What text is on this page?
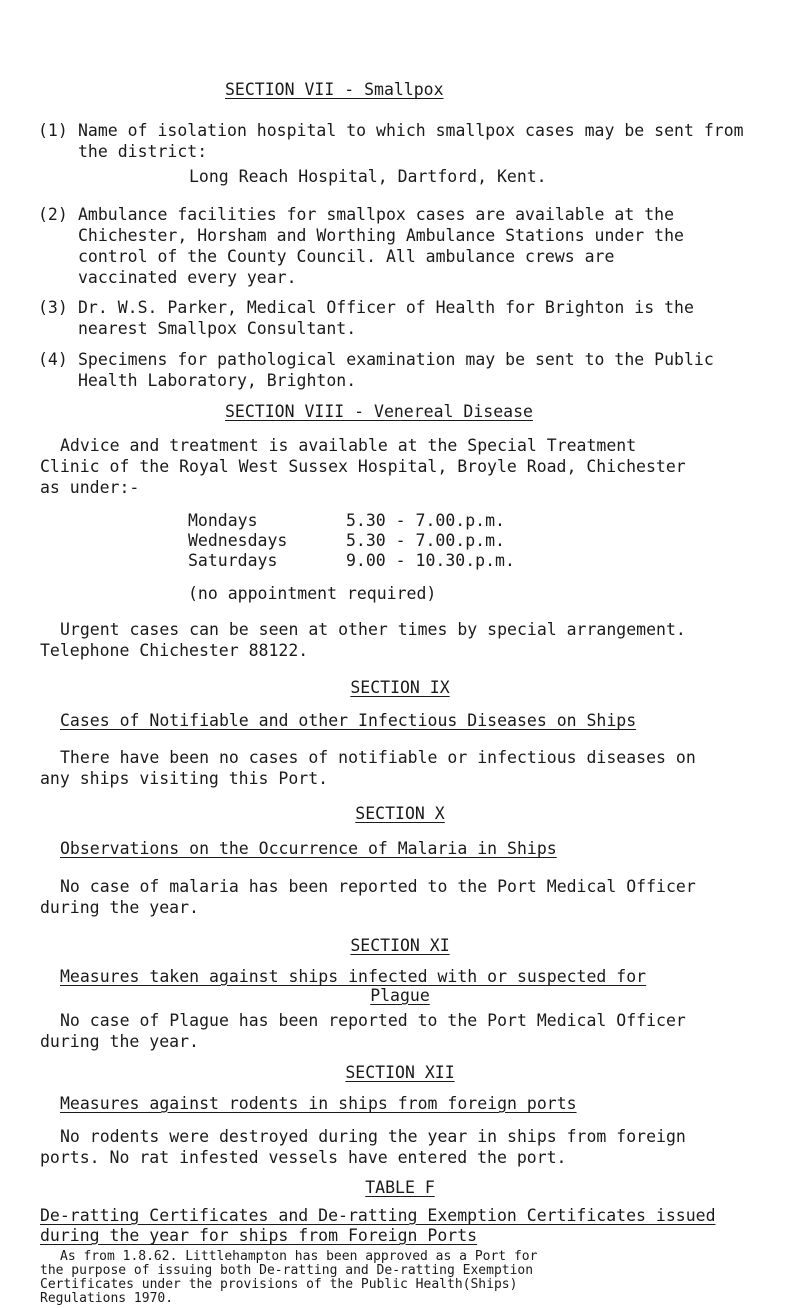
SECTION VII - Smallpox
(1) Name of isolation hospital to which smallpox cases may be sent from
the district:
Long Reach Hospital, Dartford, Kent.
(2) Ambulance facilities for smallpox cases are available at the
Chichester, Horsham and Worthing Ambulance Stations under the
control of the County Council. All ambulance crews are
vaccinated every year.
(3) Dr. W.S. Parker, Medical Officer of Health for Brighton is the
nearest Smallpox Consultant.
(4) Specimens for pathological examination may be sent to the Public
Health Laboratory, Brighton.
SECTION VIII - Venereal Disease
Advice and treatment is available at the Special Treatment
Clinic of the Royal West Sussex Hospital, Broyle Road, Chichester
as under:-
Mondays	5.30 - 7.00.p.m.
Wednesdays	5.30 - 7.00.p.m.
Saturdays	9.00 - 10.30.p.m.
(no appointment required)
Urgent cases can be seen at other times by special arrangement.
Telephone Chichester 88122.
SECTION IX
Cases of Notifiable and other Infectious Diseases on Ships
There have been no cases of notifiable or infectious diseases on
any ships visiting this Port.
SECTION X
Observations on the Occurrence of Malaria in Ships
No case of malaria has been reported to the Port Medical Officer
during the year.
SECTION XI
Measures taken against ships infected with or suspected for
Plague
No case of Plague has been reported to the Port Medical Officer
during the year.
SECTION XII
Measures against rodents in ships from foreign ports
No rodents were destroyed during the year in ships from foreign
ports. No rat infested vessels have entered the port.
TABLE F
De-ratting Certificates and De-ratting Exemption Certificates issued
during the year for ships from Foreign Ports
As from 1.8.62. Littlehampton has been approved as a Port for
the purpose of issuing both De-ratting and De-ratting Exemption
Certificates under the provisions of the Public Health(Ships)
Regulations 1970.
